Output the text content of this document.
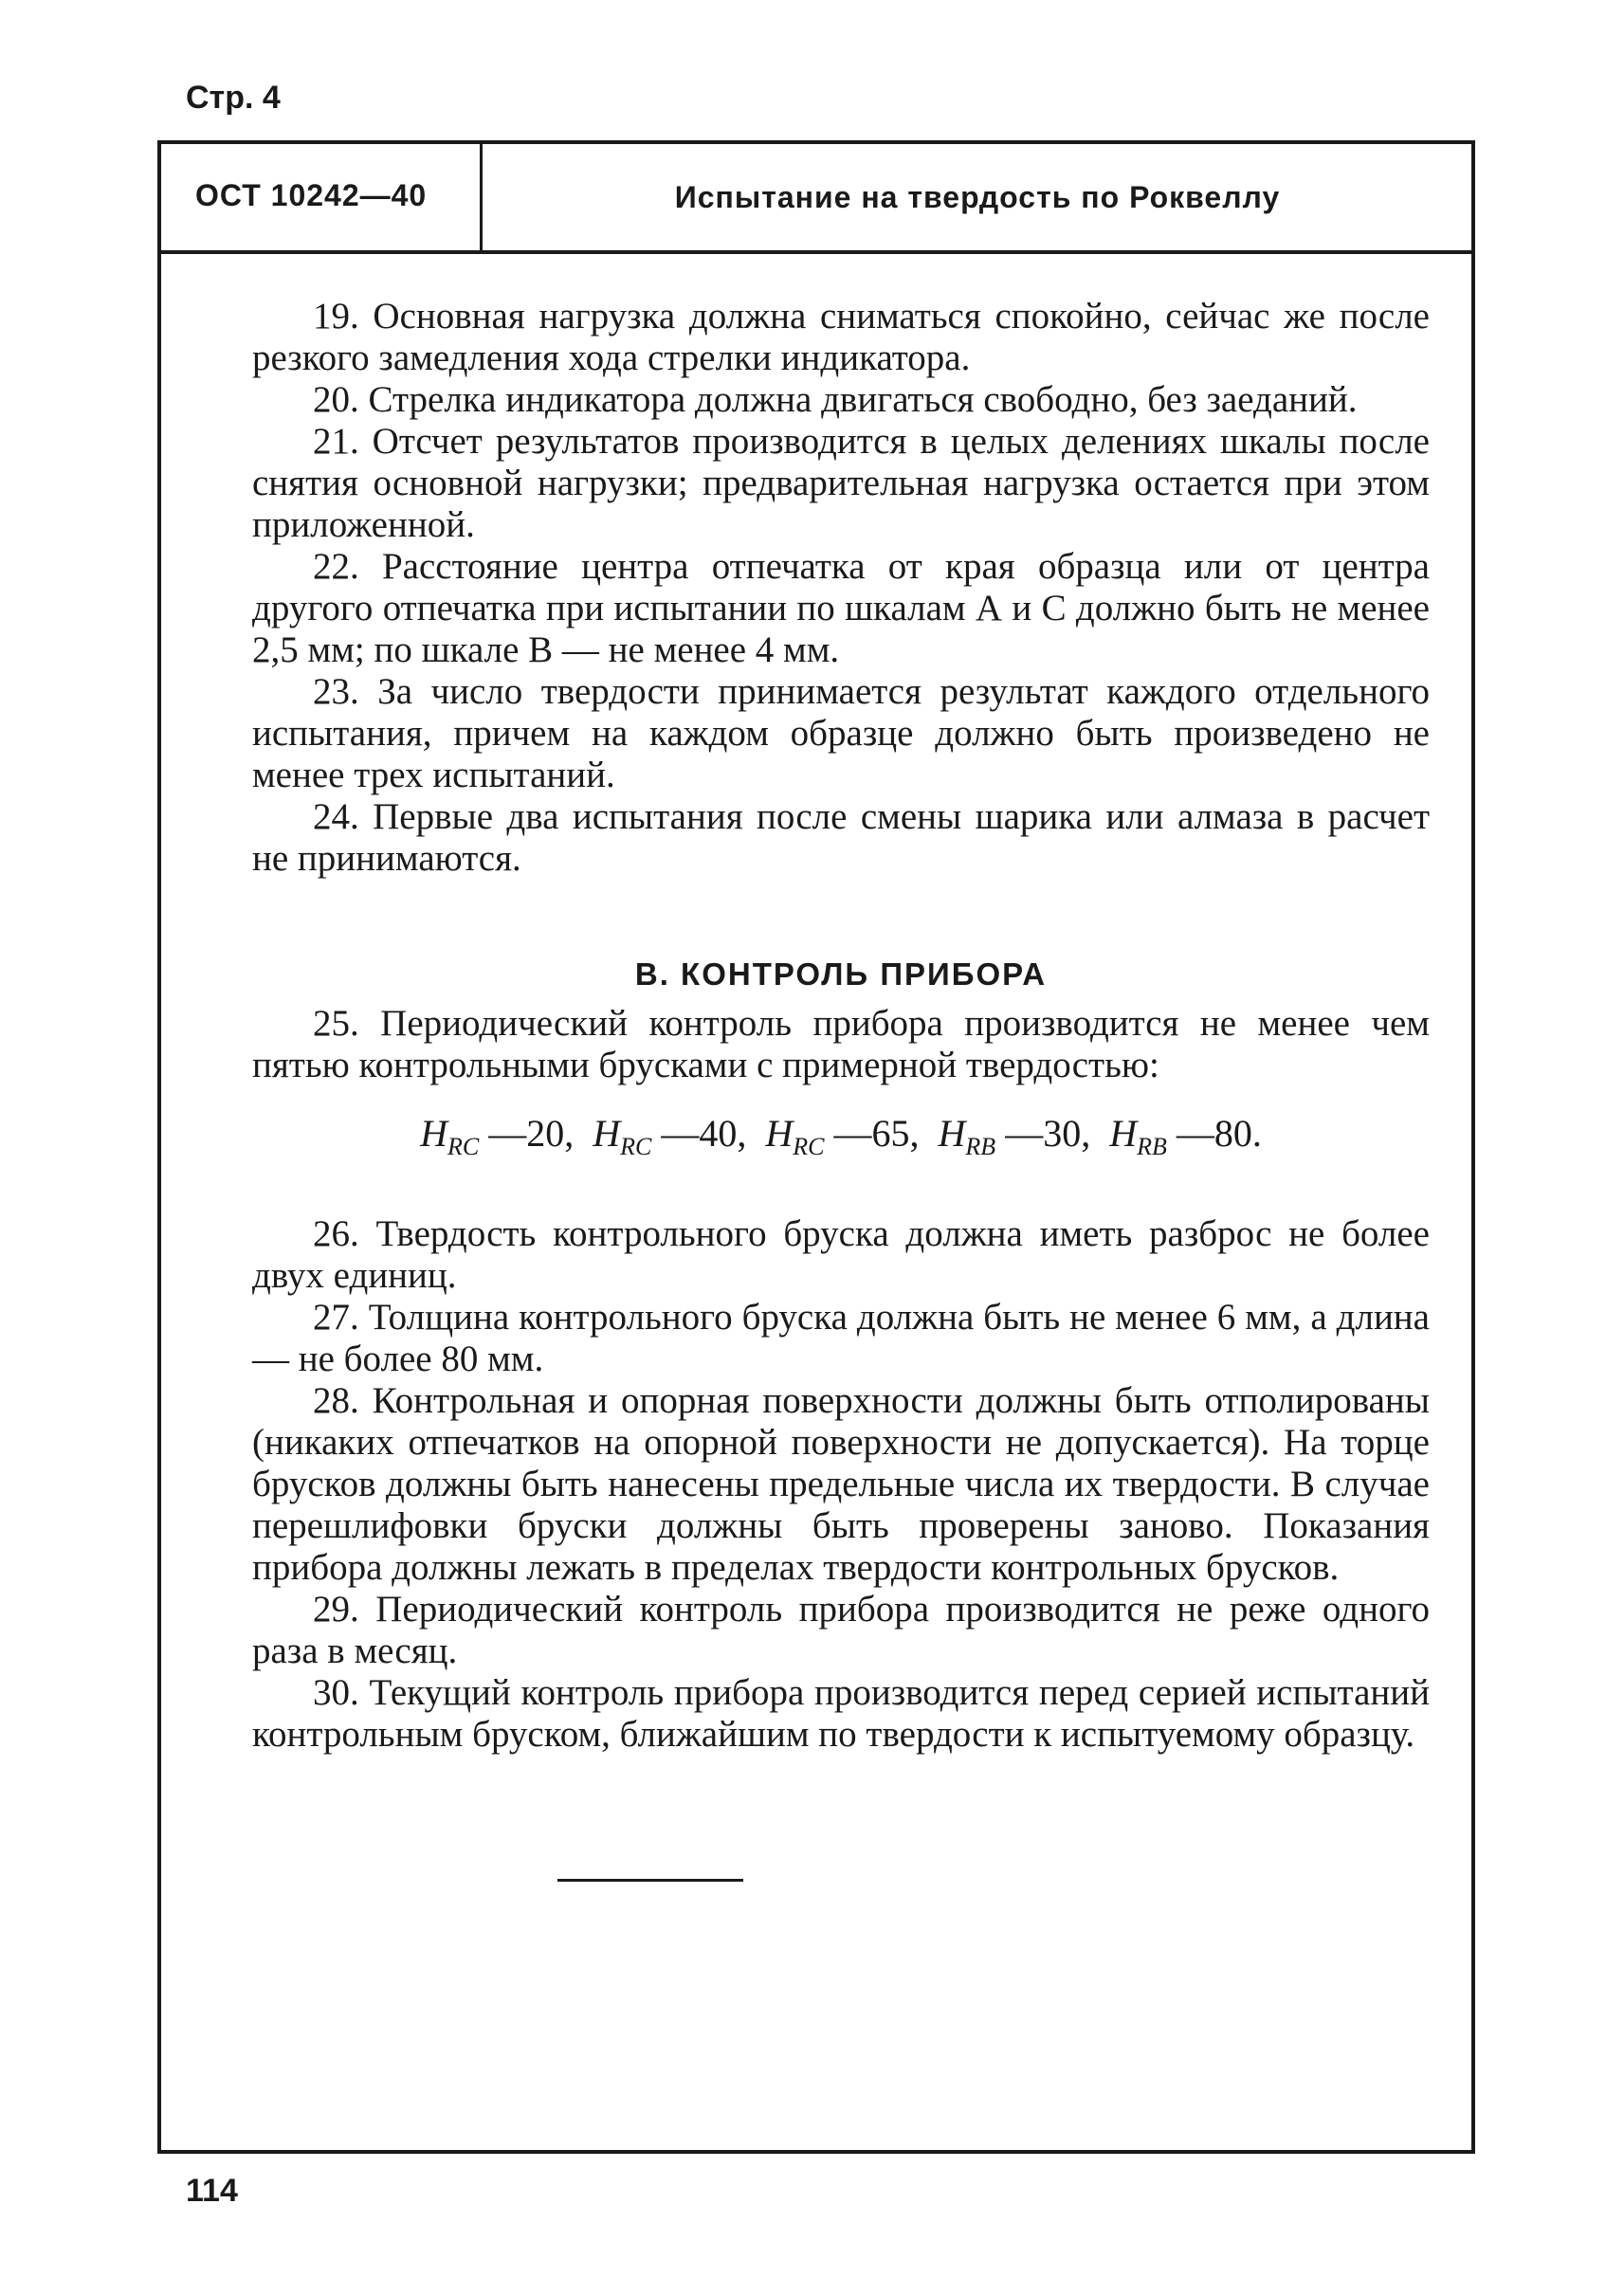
Стр. 4
ОСТ 10242—40	Испытание на твердость по Роквеллу

19. Основная нагрузка должна сниматься спокойно, сейчас же после резкого замедления хода стрелки индикатора.

20. Стрелка индикатора должна двигаться свободно, без заеданий.

21. Отсчет результатов производится в целых делениях шкалы после снятия основной нагрузки; предварительная нагрузка остается при этом приложенной.

22. Расстояние центра отпечатка от края образца или от центра другого отпечатка при испытании по шкалам А и С должно быть не менее 2,5 мм; по шкале В — не менее 4 мм.

23. За число твердости принимается результат каждого отдельного испытания, причем на каждом образце должно быть произведено не менее трех испытаний.

24. Первые два испытания после смены шарика или алмаза в расчет не принимаются.

В. КОНТРОЛЬ ПРИБОРА

25. Периодический контроль прибора производится не менее чем пятью контрольными брусками с примерной твердостью:

$H_{RC}$ —20, $H_{RC}$ —40, $H_{RC}$ —65, $H_{RB}$ —30, $H_{RB}$ —80.

26. Твердость контрольного бруска должна иметь разброс не более двух единиц.

27. Толщина контрольного бруска должна быть не менее 6 мм, а длина — не более 80 мм.

28. Контрольная и опорная поверхности должны быть отполированы (никаких отпечатков на опорной поверхности не допускается). На торце брусков должны быть нанесены предельные числа их твердости. В случае перешлифовки бруски должны быть проверены заново. Показания прибора должны лежать в пределах твердости контрольных брусков.

29. Периодический контроль прибора производится не реже одного раза в месяц.

30. Текущий контроль прибора производится перед серией испытаний контрольным бруском, ближайшим по твердости к испытуемому образцу.

114
